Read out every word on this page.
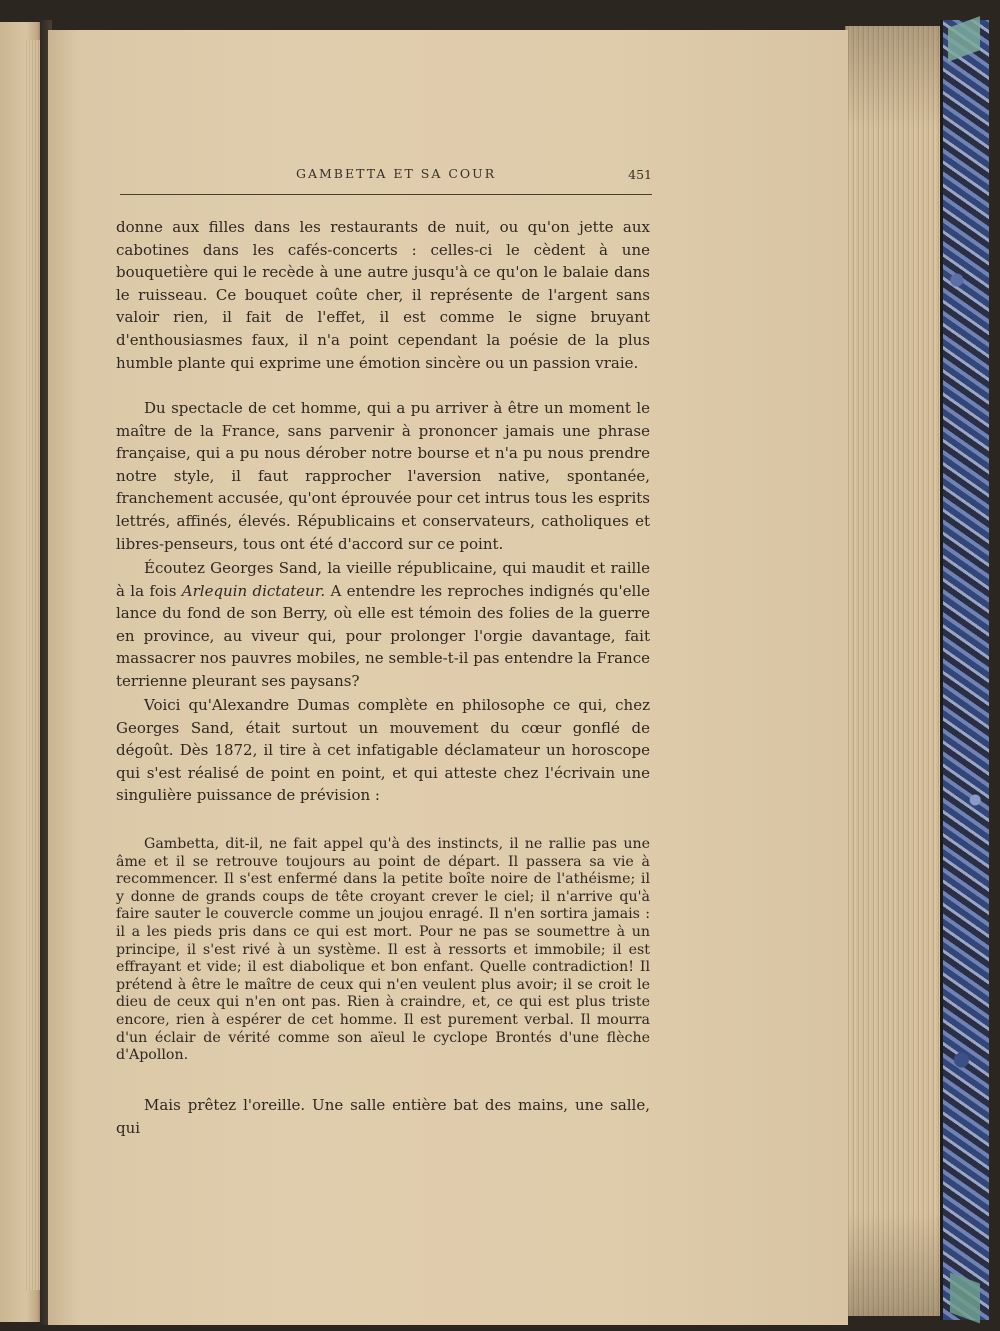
GAMBETTA ET SA COUR	451

donne aux filles dans les restaurants de nuit, ou qu'on jette aux cabotines dans les cafés-concerts : celles-ci le cèdent à une bouquetière qui le recède à une autre jusqu'à ce qu'on le balaie dans le ruisseau. Ce bouquet coûte cher, il représente de l'argent sans valoir rien, il fait de l'effet, il est comme le signe bruyant d'enthousiasmes faux, il n'a point cependant la poésie de la plus humble plante qui exprime une émotion sincère ou un passion vraie.

Du spectacle de cet homme, qui a pu arriver à être un moment le maître de la France, sans parvenir à prononcer jamais une phrase française, qui a pu nous dérober notre bourse et n'a pu nous prendre notre style, il faut rapprocher l'aversion native, spontanée, franchement accusée, qu'ont éprouvée pour cet intrus tous les esprits lettrés, affinés, élevés. Républicains et conservateurs, catholiques et libres-penseurs, tous ont été d'accord sur ce point.

Écoutez Georges Sand, la vieille républicaine, qui maudit et raille à la fois Arlequin dictateur. A entendre les reproches indignés qu'elle lance du fond de son Berry, où elle est témoin des folies de la guerre en province, au viveur qui, pour prolonger l'orgie davantage, fait massacrer nos pauvres mobiles, ne semble-t-il pas entendre la France terrienne pleurant ses paysans?

Voici qu'Alexandre Dumas complète en philosophe ce qui, chez Georges Sand, était surtout un mouvement du cœur gonflé de dégoût. Dès 1872, il tire à cet infatigable déclamateur un horoscope qui s'est réalisé de point en point, et qui atteste chez l'écrivain une singulière puissance de prévision :

Gambetta, dit-il, ne fait appel qu'à des instincts, il ne rallie pas une âme et il se retrouve toujours au point de départ. Il passera sa vie à recommencer. Il s'est enfermé dans la petite boîte noire de l'athéisme; il y donne de grands coups de tête croyant crever le ciel; il n'arrive qu'à faire sauter le couvercle comme un joujou enragé. Il n'en sortira jamais : il a les pieds pris dans ce qui est mort. Pour ne pas se soumettre à un principe, il s'est rivé à un système. Il est à ressorts et immobile; il est effrayant et vide; il est diabolique et bon enfant. Quelle contradiction! Il prétend à être le maître de ceux qui n'en veulent plus avoir; il se croit le dieu de ceux qui n'en ont pas. Rien à craindre, et, ce qui est plus triste encore, rien à espérer de cet homme. Il est purement verbal. Il mourra d'un éclair de vérité comme son aïeul le cyclope Brontés d'une flèche d'Apollon.

Mais prêtez l'oreille. Une salle entière bat des mains, une salle, qui
